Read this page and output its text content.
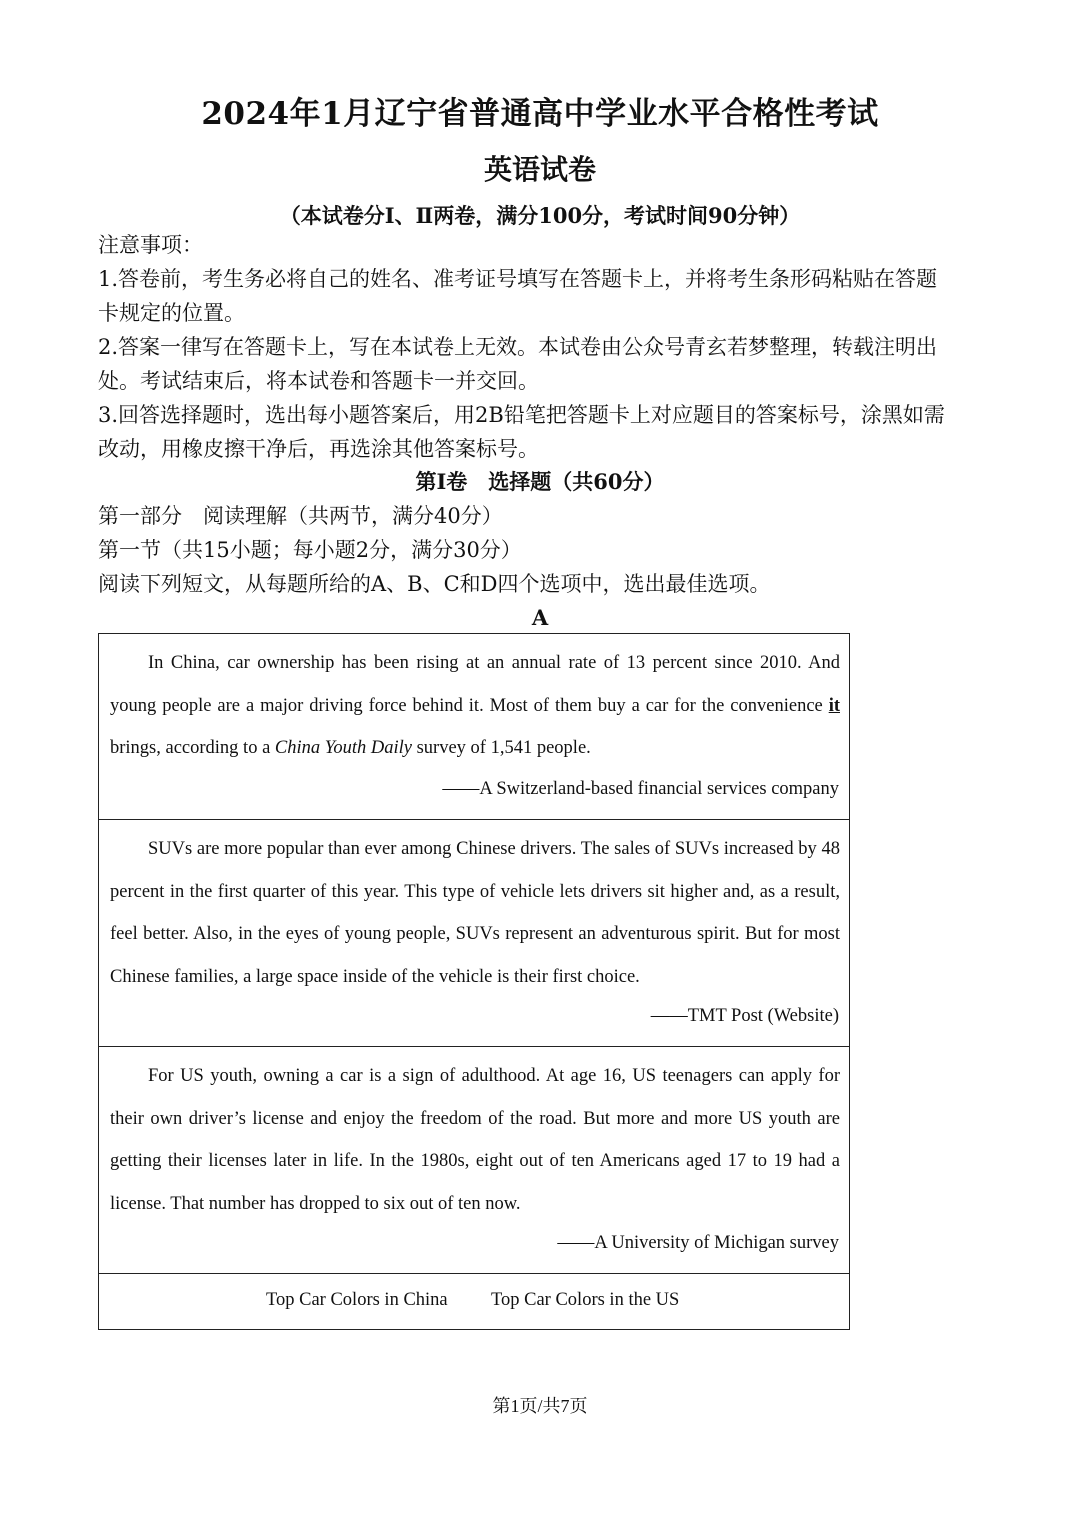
2024年1月辽宁省普通高中学业水平合格性考试
英语试卷
（本试卷分Ⅰ、Ⅱ两卷，满分100分，考试时间90分钟）
注意事项：
1.答卷前，考生务必将自己的姓名、准考证号填写在答题卡上，并将考生条形码粘贴在答题
卡规定的位置。
2.答案一律写在答题卡上，写在本试卷上无效。本试卷由公众号青玄若梦整理，转载注明出
处。考试结束后，将本试卷和答题卡一并交回。
3.回答选择题时，选出每小题答案后，用2B铅笔把答题卡上对应题目的答案标号，涂黑如需
改动，用橡皮擦干净后，再选涂其他答案标号。
第Ⅰ卷　选择题（共60分）
第一部分　阅读理解（共两节，满分40分）
第一节（共15小题；每小题2分，满分30分）
阅读下列短文，从每题所给的A、B、C和D四个选项中，选出最佳选项。
A
In China, car ownership has been rising at an annual rate of 13 percent since 2010. And young people are a major driving force behind it. Most of them buy a car for the convenience it brings, according to a China Youth Daily survey of 1,541 people.
——A Switzerland-based financial services company
SUVs are more popular than ever among Chinese drivers. The sales of SUVs increased by 48 percent in the first quarter of this year. This type of vehicle lets drivers sit higher and, as a result, feel better. Also, in the eyes of young people, SUVs represent an adventurous spirit. But for most Chinese families, a large space inside of the vehicle is their first choice.
——TMT Post (Website)
For US youth, owning a car is a sign of adulthood. At age 16, US teenagers can apply for their own driver’s license and enjoy the freedom of the road. But more and more US youth are getting their licenses later in life. In the 1980s, eight out of ten Americans aged 17 to 19 had a license. That number has dropped to six out of ten now.
——A University of Michigan survey
Top Car Colors in China Top Car Colors in the US
第1页/共7页
